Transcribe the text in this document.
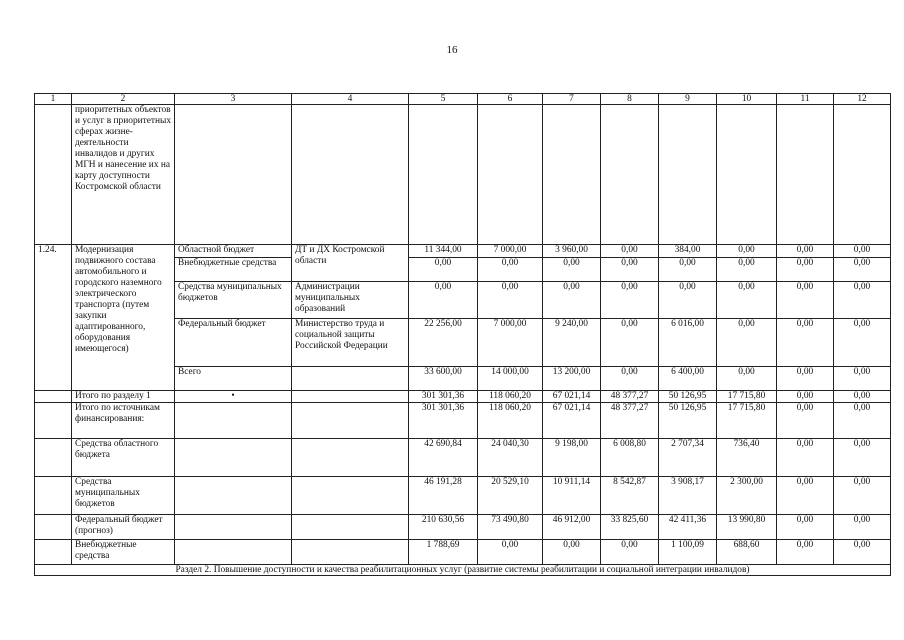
16
1	2	3	4	5	6	7	8	9	10	11	12
	приоритетных объектов и услуг в приоритетных сферах жизне-деятельности инвалидов и других МГН и нанесение их на карту доступности Костромской области										
1.24.	Модернизация подвижного состава автомобильного и городского наземного электрического транспорта (путем закупки адаптированного, оборудования имеющегося)	Областной бюджет	ДТ и ДХ Костромской области	11 344,00	7 000,00	3 960,00	0,00	384,00	0,00	0,00	0,00
		Внебюджетные средства		0,00	0,00	0,00	0,00	0,00	0,00	0,00	0,00
		Средства муниципальных бюджетов	Администрации муниципальных образований	0,00	0,00	0,00	0,00	0,00	0,00	0,00	0,00
		Федеральный бюджет	Министерство труда и социальной защиты Российской Федерации	22 256,00	7 000,00	9 240,00	0,00	6 016,00	0,00	0,00	0,00
		Всего		33 600,00	14 000,00	13 200,00	0,00	6 400,00	0,00	0,00	0,00
	Итого по разделу 1	•		301 301,36	118 060,20	67 021,14	48 377,27	50 126,95	17 715,80	0,00	0,00
	Итого по источникам финансирования:			301 301,36	118 060,20	67 021,14	48 377,27	50 126,95	17 715,80	0,00	0,00
	Средства областного бюджета			42 690,84	24 040,30	9 198,00	6 008,80	2 707,34	736,40	0,00	0,00
	Средства муниципальных бюджетов			46 191,28	20 529,10	10 911,14	8 542,87	3 908,17	2 300,00	0,00	0,00
	Федеральный бюджет (прогноз)			210 630,56	73 490,80	46 912,00	33 825,60	42 411,36	13 990,80	0,00	0,00
	Внебюджетные средства			1 788,69	0,00	0,00	0,00	1 100,09	688,60	0,00	0,00
Раздел 2. Повышение доступности и качества реабилитационных услуг (развитие системы реабилитации и социальной интеграции инвалидов)											
